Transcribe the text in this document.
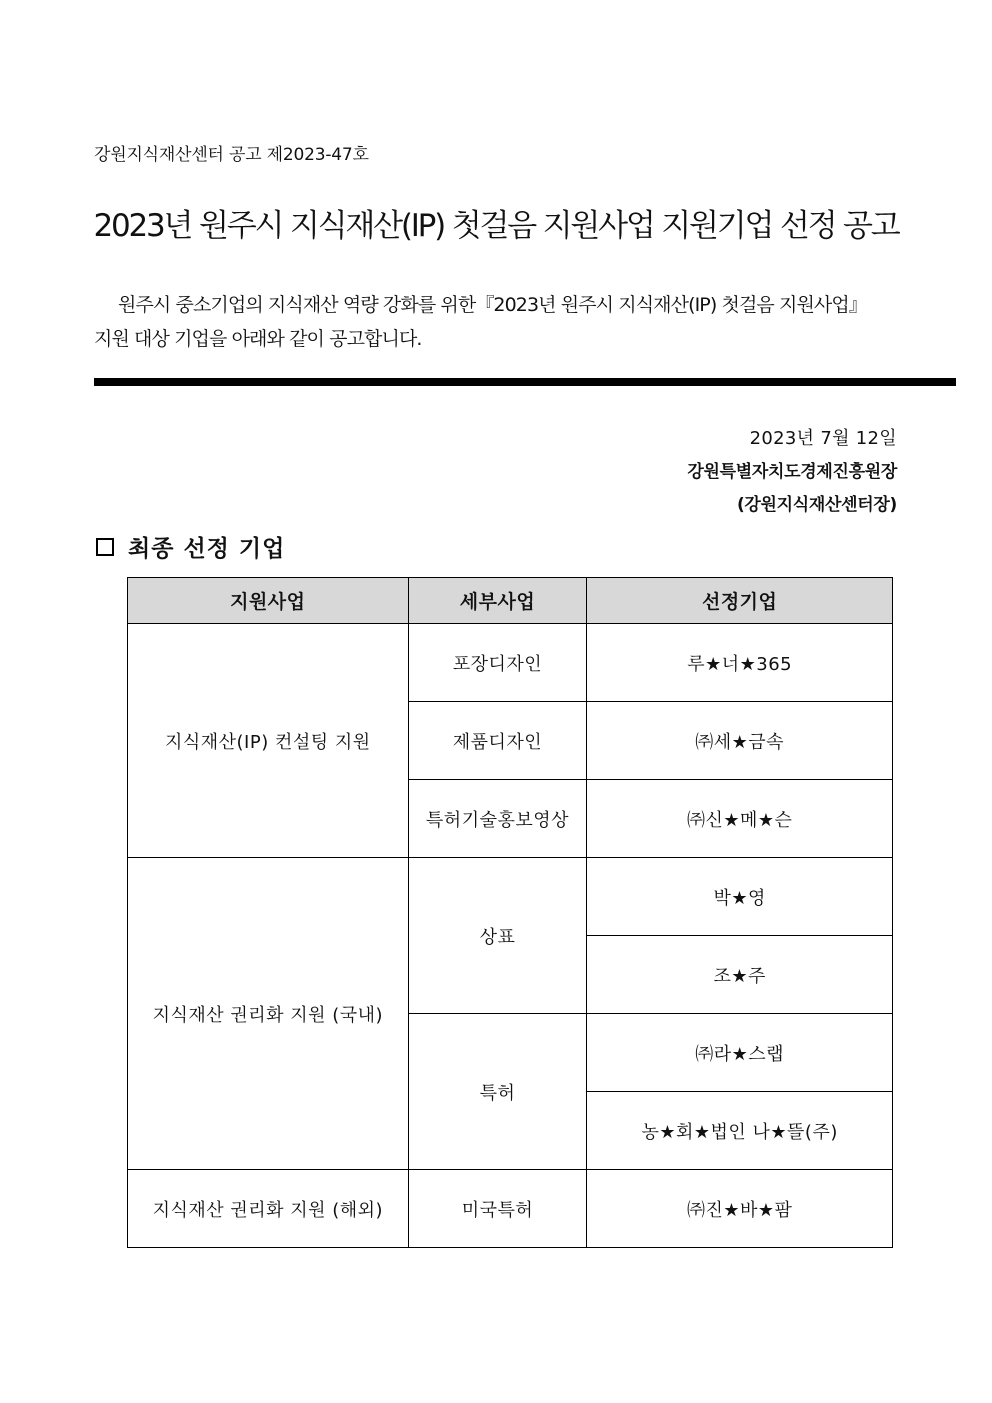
강원지식재산센터 공고 제2023-47호
2023년 원주시 지식재산(IP) 첫걸음 지원사업 지원기업 선정 공고
원주시 중소기업의 지식재산 역량 강화를 위한『2023년 원주시 지식재산(IP) 첫걸음 지원사업』
지원 대상 기업을 아래와 같이 공고합니다.
2023년 7월 12일
강원특별자치도경제진흥원장
(강원지식재산센터장)
최종 선정 기업
지원사업	세부사업	선정기업
지식재산(IP) 컨설팅 지원	포장디자인	루★너★365
	제품디자인	㈜세★금속
	특허기술홍보영상	㈜신★메★슨
지식재산 권리화 지원 (국내)	상표	박★영
		조★주
	특허	㈜라★스랩
		농★회★법인 나★뜰(주)
지식재산 권리화 지원 (해외)	미국특허	㈜진★바★팜
